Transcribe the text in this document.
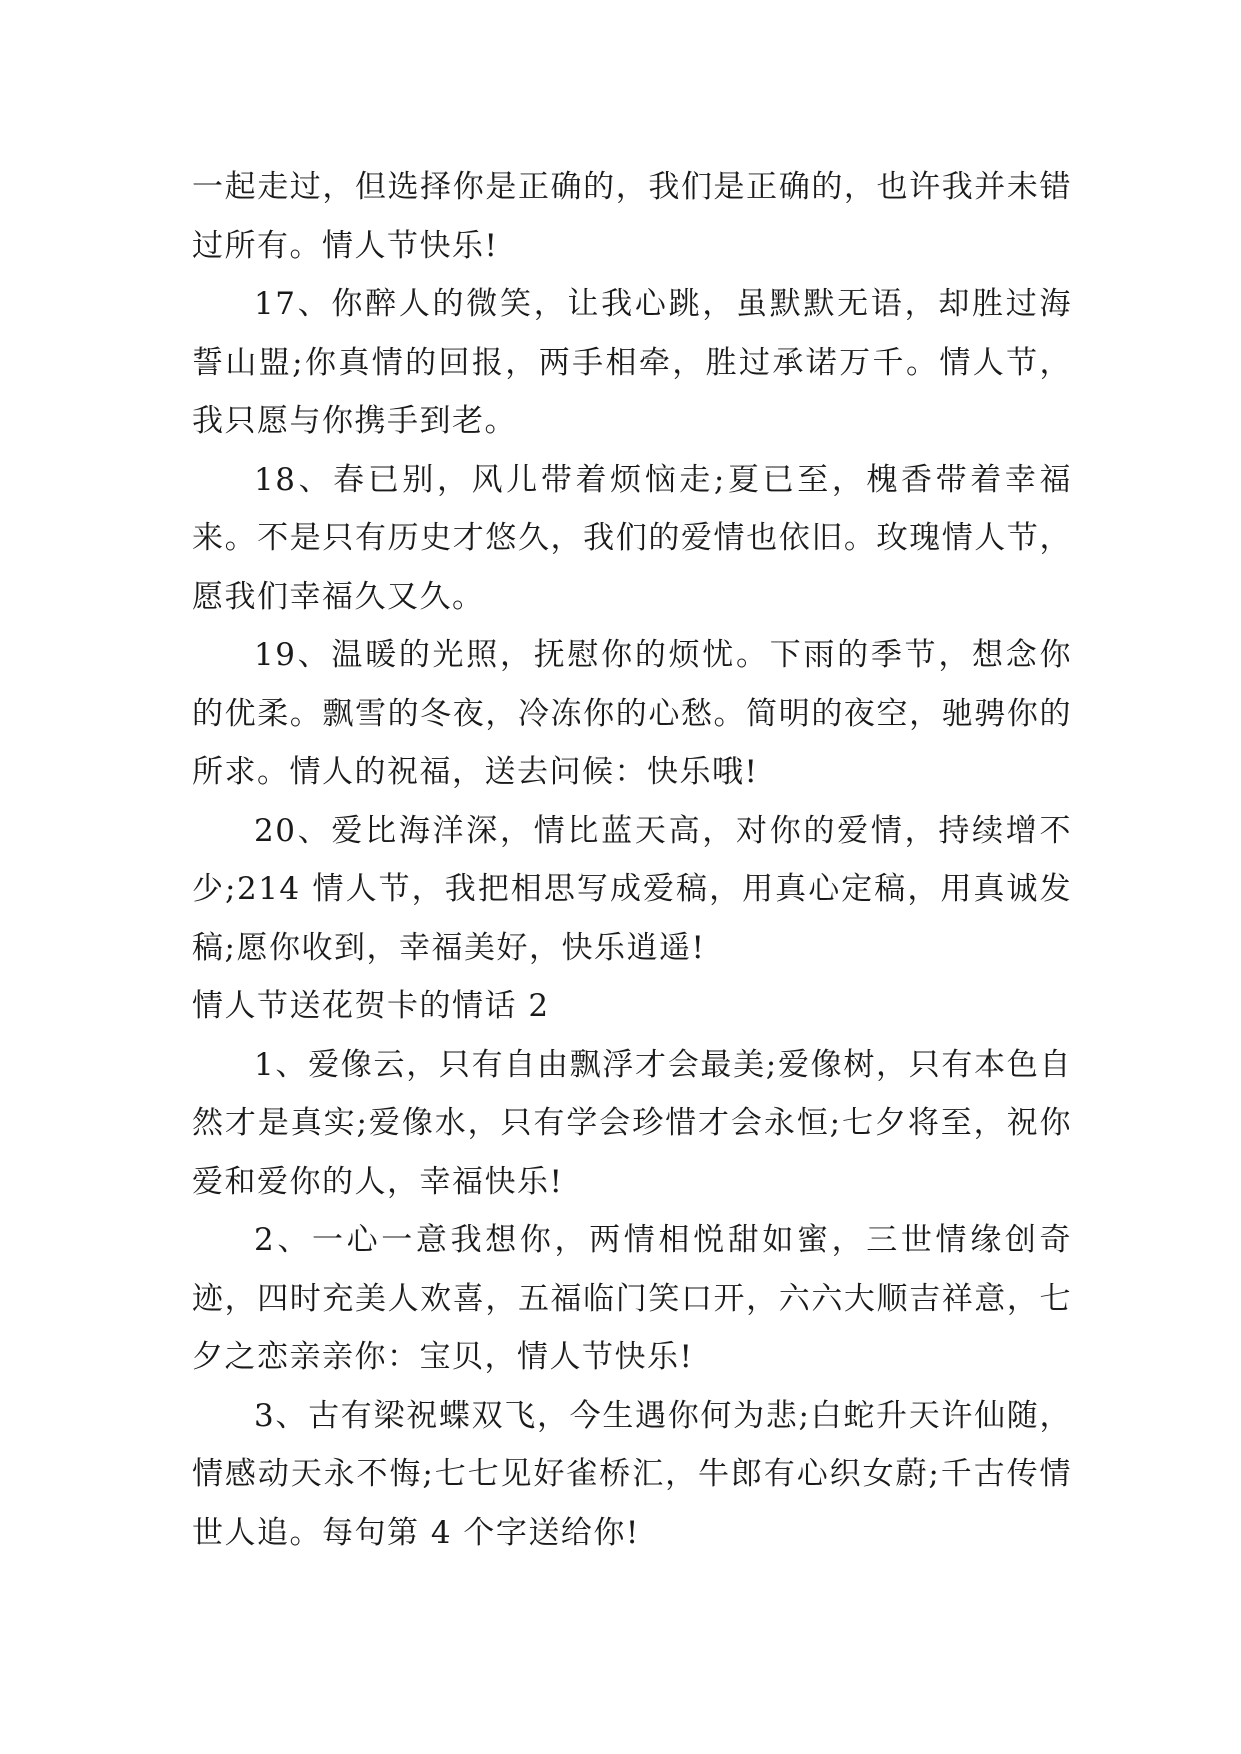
一起走过，但选择你是正确的，我们是正确的，也许我并未错过所有。情人节快乐!

17、你醉人的微笑，让我心跳，虽默默无语，却胜过海誓山盟;你真情的回报，两手相牵，胜过承诺万千。情人节，我只愿与你携手到老。

18、春已别，风儿带着烦恼走;夏已至，槐香带着幸福来。不是只有历史才悠久，我们的爱情也依旧。玫瑰情人节，愿我们幸福久又久。

19、温暖的光照，抚慰你的烦忧。下雨的季节，想念你的优柔。飘雪的冬夜，冷冻你的心愁。简明的夜空，驰骋你的所求。情人的祝福，送去问候：快乐哦!

20、爱比海洋深，情比蓝天高，对你的爱情，持续增不少;214 情人节，我把相思写成爱稿，用真心定稿，用真诚发稿;愿你收到，幸福美好，快乐逍遥!

情人节送花贺卡的情话 2

1、爱像云，只有自由飘浮才会最美;爱像树，只有本色自然才是真实;爱像水，只有学会珍惜才会永恒;七夕将至，祝你爱和爱你的人，幸福快乐!

2、一心一意我想你，两情相悦甜如蜜，三世情缘创奇迹，四时充美人欢喜，五福临门笑口开，六六大顺吉祥意，七夕之恋亲亲你：宝贝，情人节快乐!

3、古有梁祝蝶双飞，今生遇你何为悲;白蛇升天许仙随，情感动天永不悔;七七见好雀桥汇，牛郎有心织女蔚;千古传情世人追。每句第 4 个字送给你!
